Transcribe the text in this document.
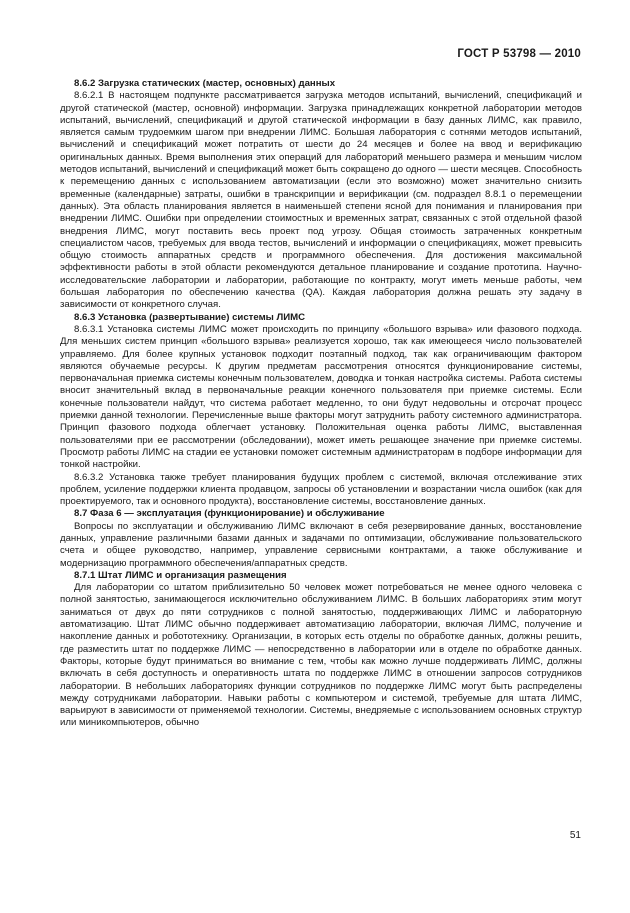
ГОСТ Р 53798 — 2010
8.6.2 Загрузка статических (мастер, основных) данных

8.6.2.1 В настоящем подпункте рассматривается загрузка методов испытаний, вычислений, спецификаций и другой статической (мастер, основной) информации. Загрузка принадлежащих конкретной лаборатории методов испытаний, вычислений, спецификаций и другой статической информации в базу данных ЛИМС, как правило, является самым трудоемким шагом при внедрении ЛИМС. Большая лаборатория с сотнями методов испытаний, вычислений и спецификаций может потратить от шести до 24 месяцев и более на ввод и верификацию оригинальных данных. Время выполнения этих операций для лабораторий меньшего размера и меньшим числом методов испытаний, вычислений и спецификаций может быть сокращено до одного — шести месяцев. Способность к перемещению данных с использованием автоматизации (если это возможно) может значительно снизить временные (календарные) затраты, ошибки в транскрипции и верификации (см. подраздел 8.8.1 о перемещении данных). Эта область планирования является в наименьшей степени ясной для понимания и планирования при внедрении ЛИМС. Ошибки при определении стоимостных и временных затрат, связанных с этой отдельной фазой внедрения ЛИМС, могут поставить весь проект под угрозу. Общая стоимость затраченных конкретным специалистом часов, требуемых для ввода тестов, вычислений и информации о спецификациях, может превысить общую стоимость аппаратных средств и программного обеспечения. Для достижения максимальной эффективности работы в этой области рекомендуются детальное планирование и создание прототипа. Научно-исследовательские лаборатории и лаборатории, работающие по контракту, могут иметь меньше работы, чем большая лаборатория по обеспечению качества (QA). Каждая лаборатория должна решать эту задачу в зависимости от конкретного случая.

8.6.3 Установка (развертывание) системы ЛИМС

8.6.3.1 Установка системы ЛИМС может происходить по принципу «большого взрыва» или фазового подхода. Для меньших систем принцип «большого взрыва» реализуется хорошо, так как имеющееся число пользователей управляемо. Для более крупных установок подходит поэтапный подход, так как ограничивающим фактором являются обучаемые ресурсы. К другим предметам рассмотрения относятся функционирование системы, первоначальная приемка системы конечным пользователем, доводка и тонкая настройка системы. Работа системы вносит значительный вклад в первоначальные реакции конечного пользователя при приемке системы. Если конечные пользователи найдут, что система работает медленно, то они будут недовольны и отсрочат процесс приемки данной технологии. Перечисленные выше факторы могут затруднить работу системного администратора. Принцип фазового подхода облегчает установку. Положительная оценка работы ЛИМС, выставленная пользователями при ее рассмотрении (обследовании), может иметь решающее значение при приемке системы. Просмотр работы ЛИМС на стадии ее установки поможет системным администраторам в подборе информации для тонкой настройки.

8.6.3.2 Установка также требует планирования будущих проблем с системой, включая отслеживание этих проблем, усиление поддержки клиента продавцом, запросы об установлении и возрастании числа ошибок (как для проектируемого, так и основного продукта), восстановление системы, восстановление данных.

8.7 Фаза 6 — эксплуатация (функционирование) и обслуживание

Вопросы по эксплуатации и обслуживанию ЛИМС включают в себя резервирование данных, восстановление данных, управление различными базами данных и задачами по оптимизации, обслуживание пользовательского счета и общее руководство, например, управление сервисными контрактами, а также обслуживание и модернизацию программного обеспечения/аппаратных средств.

8.7.1 Штат ЛИМС и организация размещения

Для лаборатории со штатом приблизительно 50 человек может потребоваться не менее одного человека с полной занятостью, занимающегося исключительно обслуживанием ЛИМС. В больших лабораториях этим могут заниматься от двух до пяти сотрудников с полной занятостью, поддерживающих ЛИМС и лабораторную автоматизацию. Штат ЛИМС обычно поддерживает автоматизацию лаборатории, включая ЛИМС, получение и накопление данных и робототехнику. Организации, в которых есть отделы по обработке данных, должны решить, где разместить штат по поддержке ЛИМС — непосредственно в лаборатории или в отделе по обработке данных. Факторы, которые будут приниматься во внимание с тем, чтобы как можно лучше поддерживать ЛИМС, должны включать в себя доступность и оперативность штата по поддержке ЛИМС в отношении запросов сотрудников лаборатории. В небольших лабораториях функции сотрудников по поддержке ЛИМС могут быть распределены между сотрудниками лаборатории. Навыки работы с компьютером и системой, требуемые для штата ЛИМС, варьируют в зависимости от применяемой технологии. Системы, внедряемые с использованием основных структур или миникомпьютеров, обычно

51
